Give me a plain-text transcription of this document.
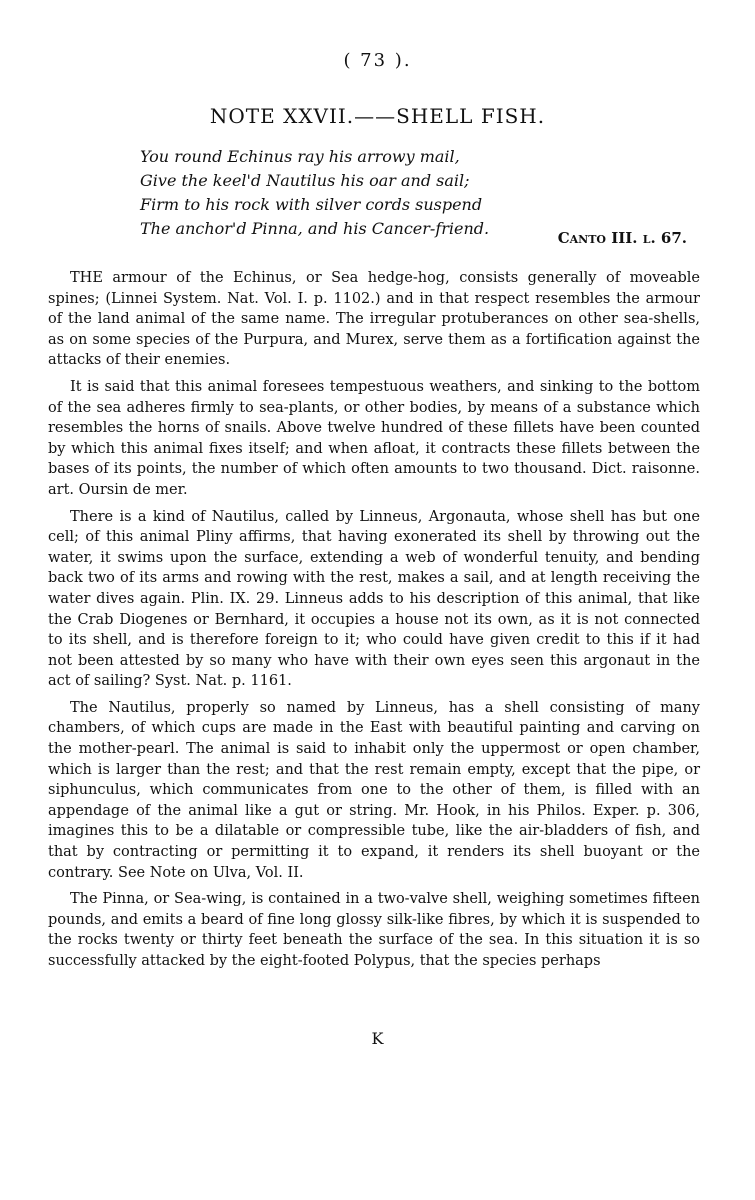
( 73 ).
NOTE XXVII.——SHELL FISH.
You round Echinus ray his arrowy mail,
Give the keel'd Nautilus his oar and sail;
Firm to his rock with silver cords suspend
The anchor'd Pinna, and his Cancer-friend.	Canto III. l. 67.

THE armour of the Echinus, or Sea hedge-hog, consists generally of moveable spines; (Linnei System. Nat. Vol. I. p. 1102.) and in that respect resembles the armour of the land animal of the same name. The irregular protuberances on other sea-shells, as on some species of the Purpura, and Murex, serve them as a fortification against the attacks of their enemies.

It is said that this animal foresees tempestuous weathers, and sinking to the bottom of the sea adheres firmly to sea-plants, or other bodies, by means of a substance which resembles the horns of snails. Above twelve hundred of these fillets have been counted by which this animal fixes itself; and when afloat, it contracts these fillets between the bases of its points, the number of which often amounts to two thousand. Dict. raisonne. art. Oursin de mer.

There is a kind of Nautilus, called by Linneus, Argonauta, whose shell has but one cell; of this animal Pliny affirms, that having exonerated its shell by throwing out the water, it swims upon the surface, extending a web of wonderful tenuity, and bending back two of its arms and rowing with the rest, makes a sail, and at length receiving the water dives again. Plin. IX. 29. Linneus adds to his description of this animal, that like the Crab Diogenes or Bernhard, it occupies a house not its own, as it is not connected to its shell, and is therefore foreign to it; who could have given credit to this if it had not been attested by so many who have with their own eyes seen this argonaut in the act of sailing? Syst. Nat. p. 1161.

The Nautilus, properly so named by Linneus, has a shell consisting of many chambers, of which cups are made in the East with beautiful painting and carving on the mother-pearl. The animal is said to inhabit only the uppermost or open chamber, which is larger than the rest; and that the rest remain empty, except that the pipe, or siphunculus, which communicates from one to the other of them, is filled with an appendage of the animal like a gut or string. Mr. Hook, in his Philos. Exper. p. 306, imagines this to be a dilatable or compressible tube, like the air-bladders of fish, and that by contracting or permitting it to expand, it renders its shell buoyant or the contrary. See Note on Ulva, Vol. II.

The Pinna, or Sea-wing, is contained in a two-valve shell, weighing sometimes fifteen pounds, and emits a beard of fine long glossy silk-like fibres, by which it is suspended to the rocks twenty or thirty feet beneath the surface of the sea. In this situation it is so successfully attacked by the eight-footed Polypus, that the species perhaps

K
